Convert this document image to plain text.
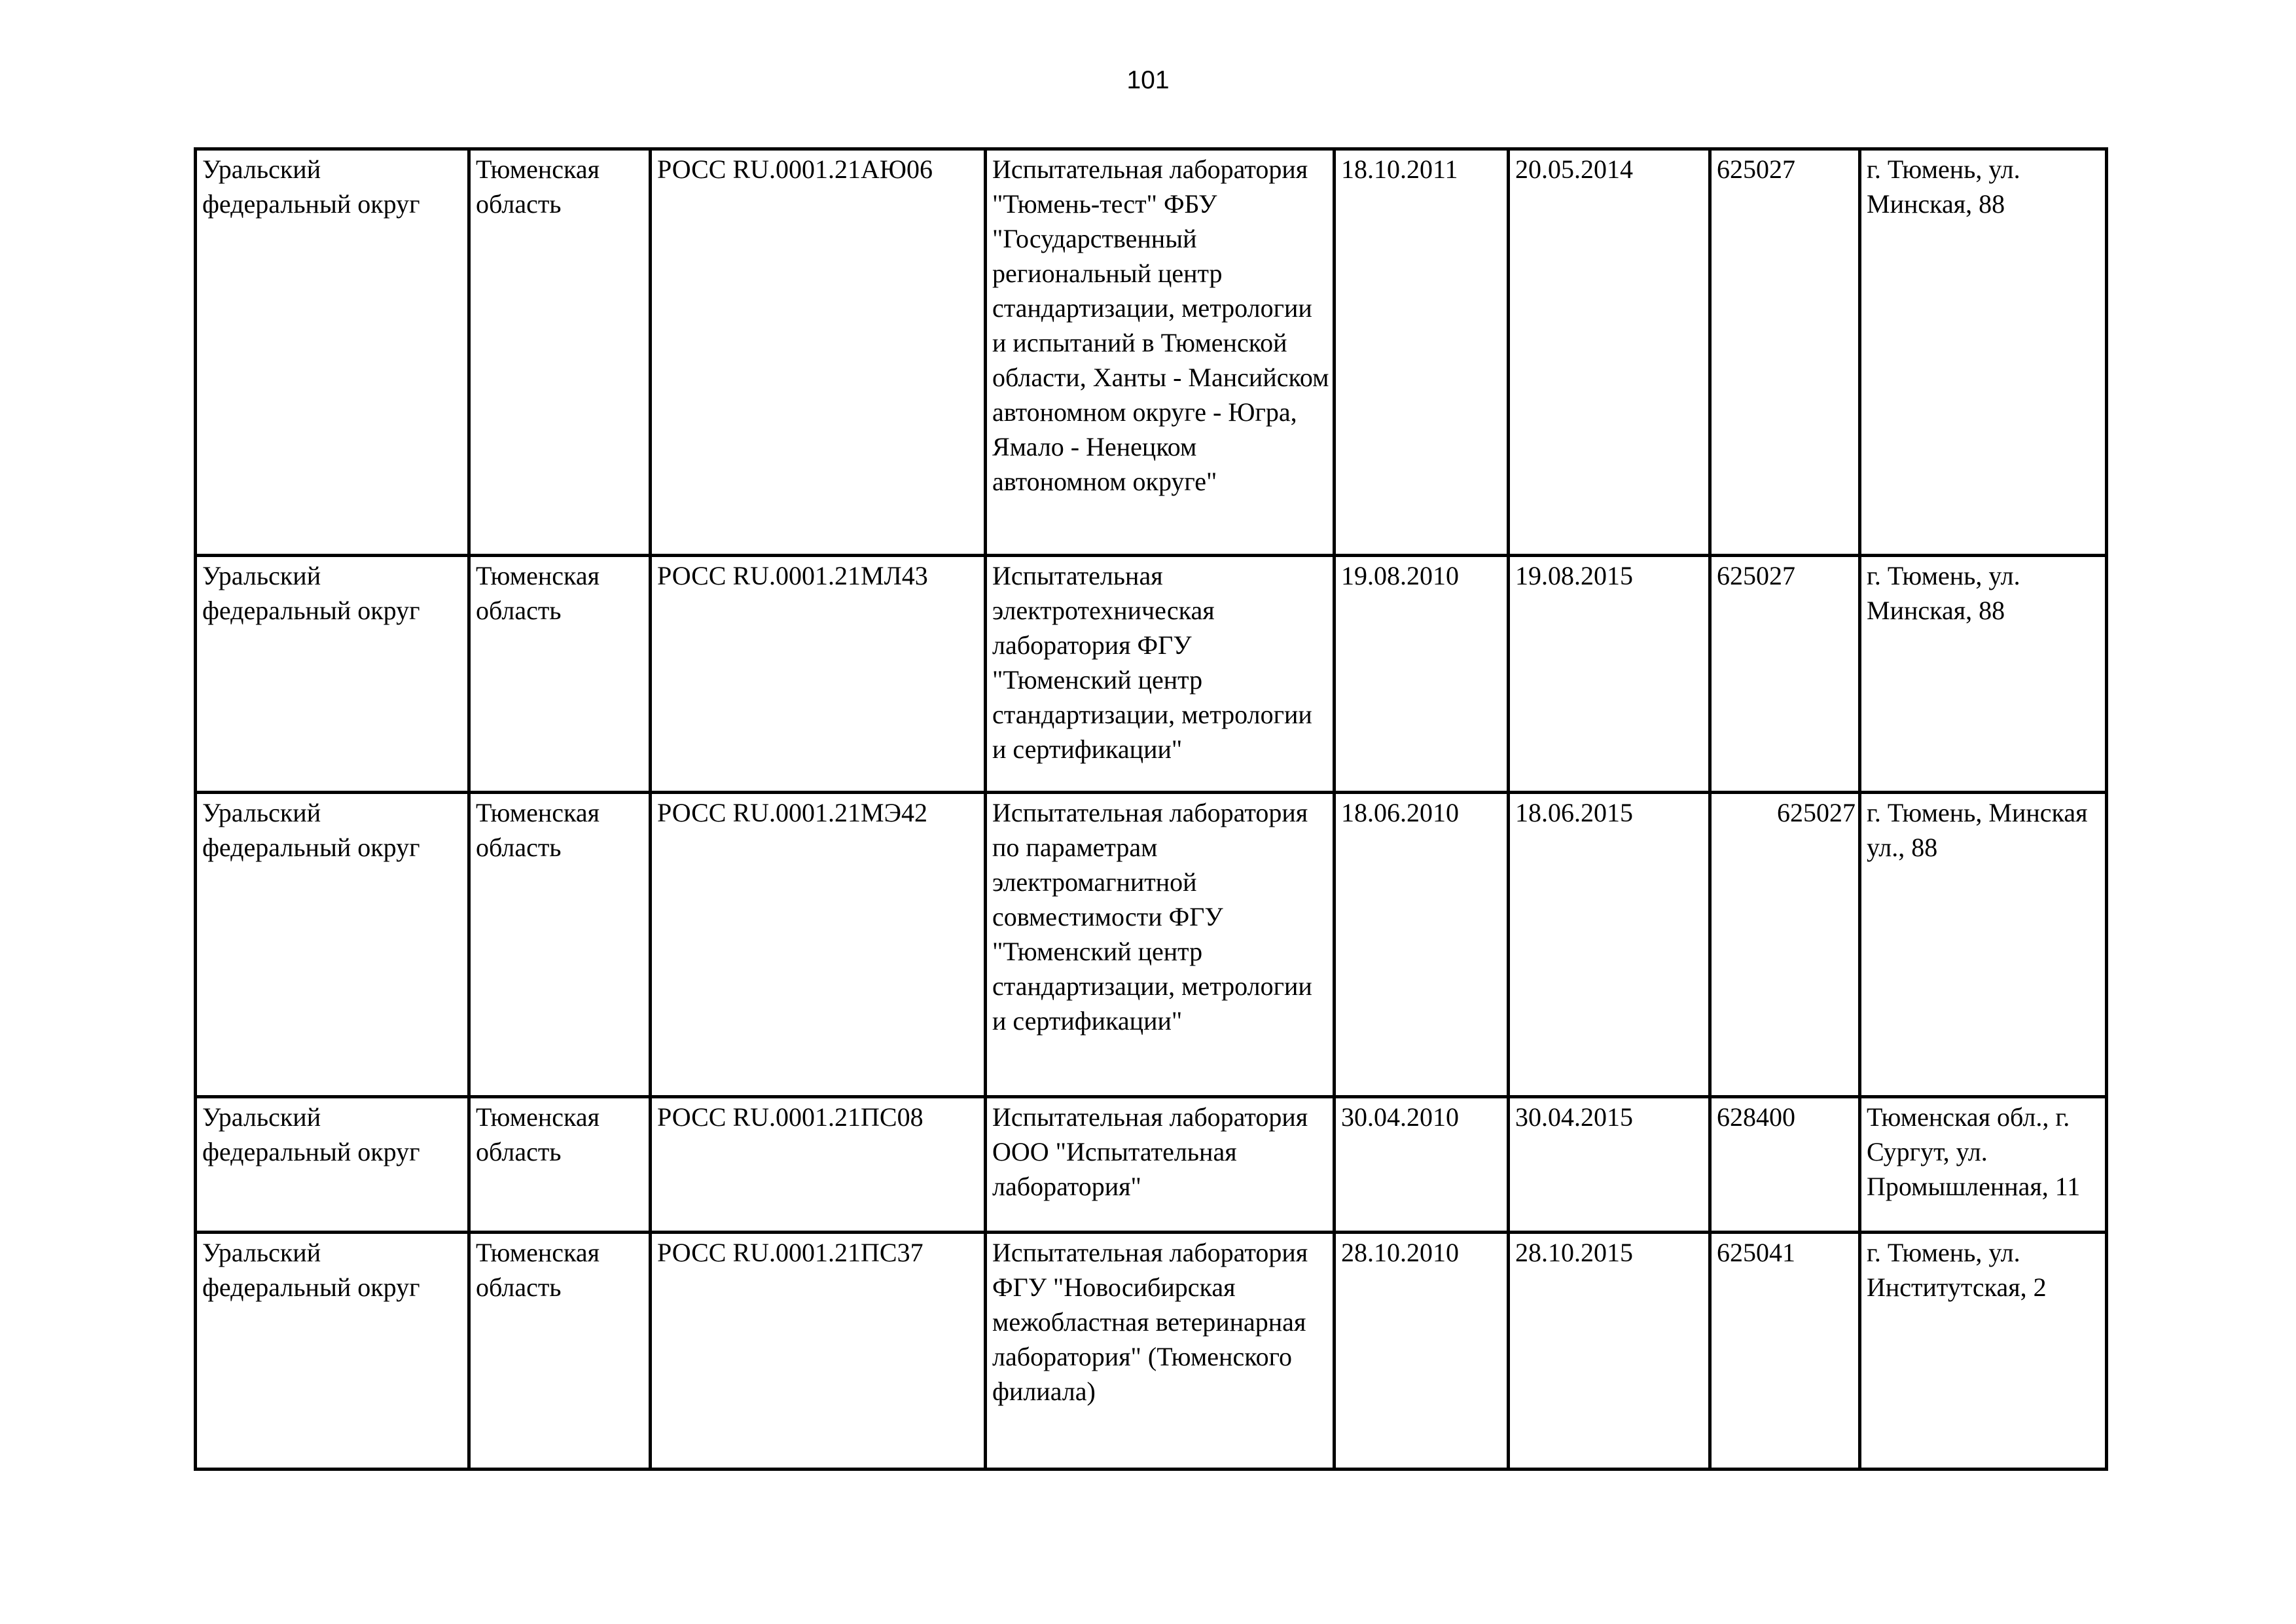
101
Уральский федеральный округ	Тюменская область	РОСС RU.0001.21АЮ06	Испытательная лаборатория "Тюмень-тест" ФБУ "Государственный региональный центр стандартизации, метрологии и испытаний в Тюменской области, Ханты - Мансийском автономном округе - Югра, Ямало - Ненецком автономном округе"	18.10.2011	20.05.2014	625027	г. Тюмень, ул. Минская, 88
Уральский федеральный округ	Тюменская область	РОСС RU.0001.21МЛ43	Испытательная электротехническая лаборатория ФГУ "Тюменский центр стандартизации, метрологии и сертификации"	19.08.2010	19.08.2015	625027	г. Тюмень, ул. Минская, 88
Уральский федеральный округ	Тюменская область	РОСС RU.0001.21МЭ42	Испытательная лаборатория по параметрам электромагнитной совместимости ФГУ "Тюменский центр стандартизации, метрологии и сертификации"	18.06.2010	18.06.2015	625027	г. Тюмень, Минская ул., 88
Уральский федеральный округ	Тюменская область	РОСС RU.0001.21ПС08	Испытательная лаборатория ООО "Испытательная лаборатория"	30.04.2010	30.04.2015	628400	Тюменская обл., г. Сургут, ул. Промышленная, 11
Уральский федеральный округ	Тюменская область	РОСС RU.0001.21ПС37	Испытательная лаборатория ФГУ "Новосибирская межобластная ветеринарная лаборатория" (Тюменского филиала)	28.10.2010	28.10.2015	625041	г. Тюмень, ул. Институтская, 2
